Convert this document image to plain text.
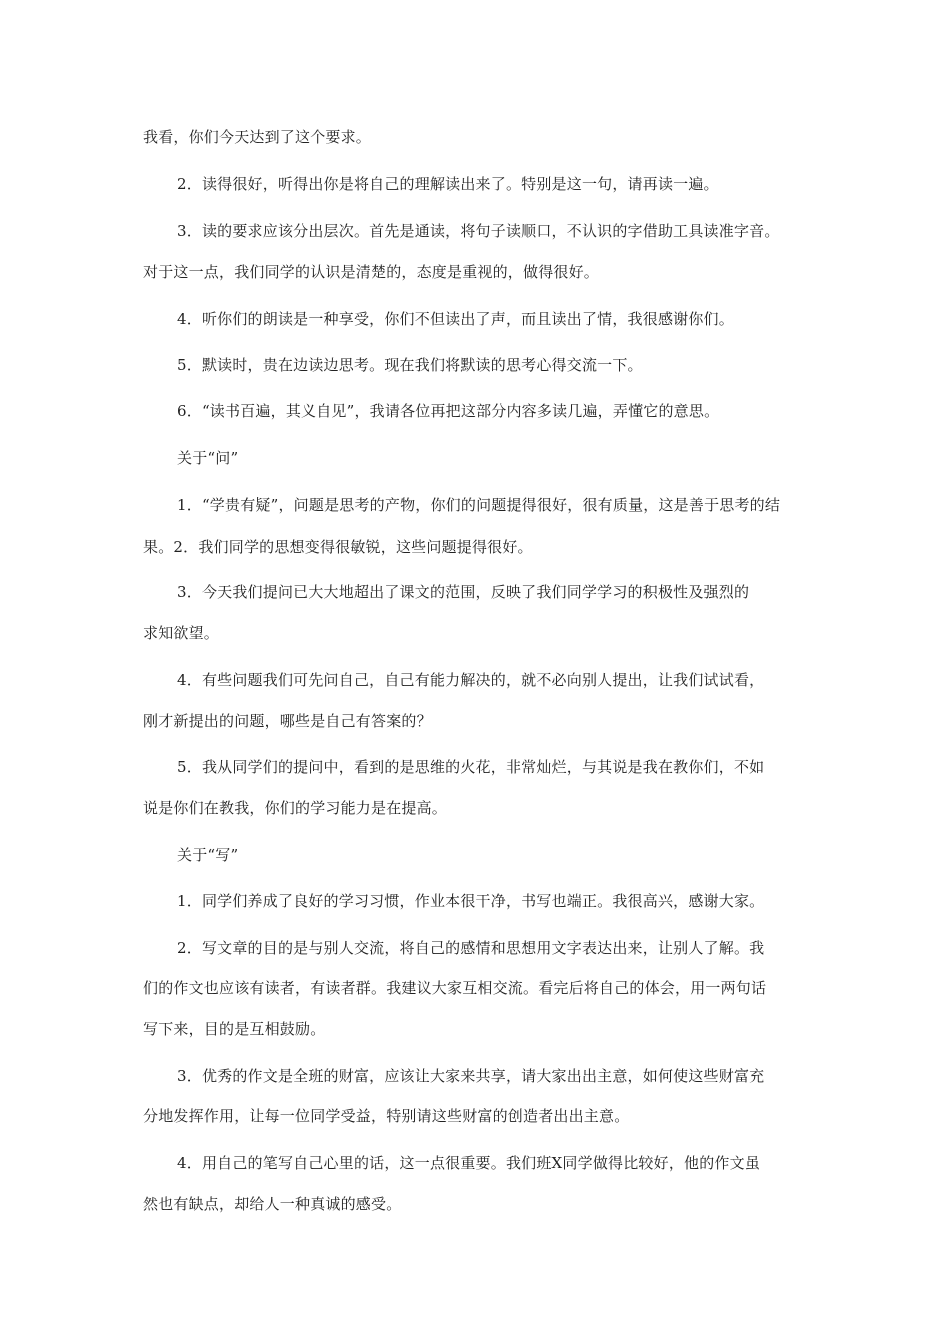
我看，你们今天达到了这个要求。
2．读得很好，听得出你是将自己的理解读出来了。特别是这一句，请再读一遍。
3．读的要求应该分出层次。首先是通读，将句子读顺口，不认识的字借助工具读准字音。
对于这一点，我们同学的认识是清楚的，态度是重视的，做得很好。
4．听你们的朗读是一种享受，你们不但读出了声，而且读出了情，我很感谢你们。
5．默读时，贵在边读边思考。现在我们将默读的思考心得交流一下。
6．“读书百遍，其义自见”，我请各位再把这部分内容多读几遍，弄懂它的意思。
关于“问”
1．“学贵有疑”，问题是思考的产物，你们的问题提得很好，很有质量，这是善于思考的结
果。2．我们同学的思想变得很敏锐，这些问题提得很好。
3．今天我们提问已大大地超出了课文的范围，反映了我们同学学习的积极性及强烈的
求知欲望。
4．有些问题我们可先问自己，自己有能力解决的，就不必向别人提出，让我们试试看，
刚才新提出的问题，哪些是自己有答案的？
5．我从同学们的提问中，看到的是思维的火花，非常灿烂，与其说是我在教你们，不如
说是你们在教我，你们的学习能力是在提高。
关于“写”
1．同学们养成了良好的学习习惯，作业本很干净，书写也端正。我很高兴，感谢大家。
2．写文章的目的是与别人交流，将自己的感情和思想用文字表达出来，让别人了解。我
们的作文也应该有读者，有读者群。我建议大家互相交流。看完后将自己的体会，用一两句话
写下来，目的是互相鼓励。
3．优秀的作文是全班的财富，应该让大家来共享，请大家出出主意，如何使这些财富充
分地发挥作用，让每一位同学受益，特别请这些财富的创造者出出主意。
4．用自己的笔写自己心里的话，这一点很重要。我们班X同学做得比较好，他的作文虽
然也有缺点，却给人一种真诚的感受。
